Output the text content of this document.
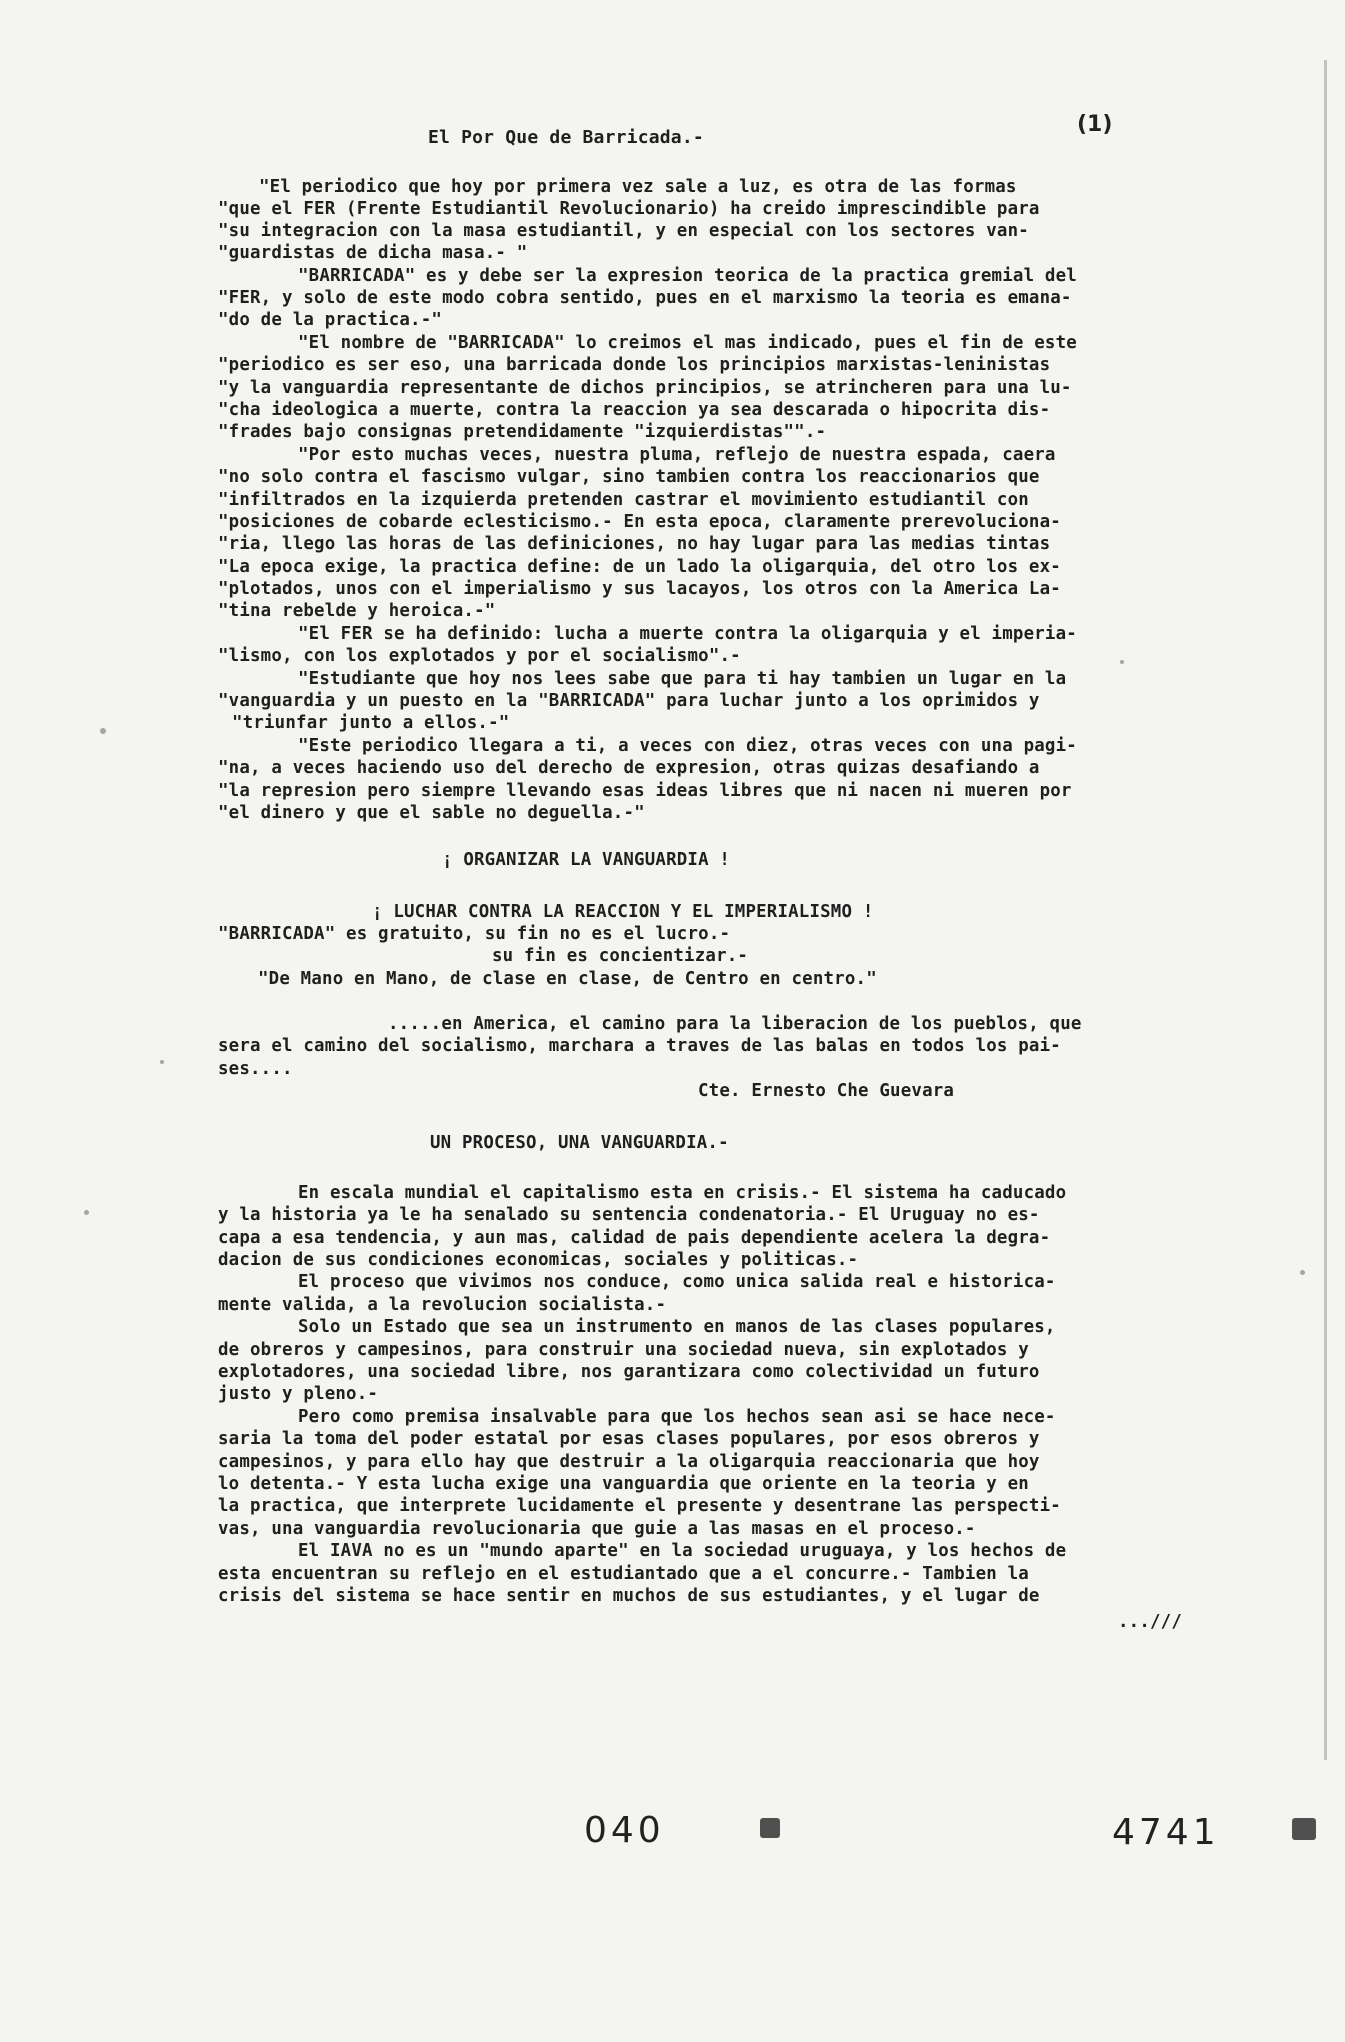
(1)
El Por Que de Barricada.-
"El periodico que hoy por primera vez sale a luz, es otra de las formas
"que el FER (Frente Estudiantil Revolucionario) ha creido imprescindible para
"su integracion con la masa estudiantil, y en especial con los sectores van-
"guardistas de dicha masa.- "
"BARRICADA" es y debe ser la expresion teorica de la practica gremial del
"FER, y solo de este modo cobra sentido, pues en el marxismo la teoria es emana-
"do de la practica.-"
"El nombre de "BARRICADA" lo creimos el mas indicado, pues el fin de este
"periodico es ser eso, una barricada donde los principios marxistas-leninistas
"y la vanguardia representante de dichos principios, se atrincheren para una lu-
"cha ideologica a muerte, contra la reaccion ya sea descarada o hipocrita dis-
"frades bajo consignas pretendidamente "izquierdistas"".-
"Por esto muchas veces, nuestra pluma, reflejo de nuestra espada, caera
"no solo contra el fascismo vulgar, sino tambien contra los reaccionarios que
"infiltrados en la izquierda pretenden castrar el movimiento estudiantil con
"posiciones de cobarde eclesticismo.- En esta epoca, claramente prerevoluciona-
"ria, llego las horas de las definiciones, no hay lugar para las medias tintas
"La epoca exige, la practica define: de un lado la oligarquia, del otro los ex-
"plotados, unos con el imperialismo y sus lacayos, los otros con la America La-
"tina rebelde y heroica.-"
"El FER se ha definido: lucha a muerte contra la oligarquia y el imperia-
"lismo, con los explotados y por el socialismo".-
"Estudiante que hoy nos lees sabe que para ti hay tambien un lugar en la
"vanguardia y un puesto en la "BARRICADA" para luchar junto a los oprimidos y
"triunfar junto a ellos.-"
"Este periodico llegara a ti, a veces con diez, otras veces con una pagi-
"na, a veces haciendo uso del derecho de expresion, otras quizas desafiando a
"la represion pero siempre llevando esas ideas libres que ni nacen ni mueren por
"el dinero y que el sable no deguella.-"
¡ ORGANIZAR LA VANGUARDIA !
¡ LUCHAR CONTRA LA REACCION Y EL IMPERIALISMO !
"BARRICADA" es gratuito, su fin no es el lucro.-
su fin es concientizar.-
"De Mano en Mano, de clase en clase, de Centro en centro."
.....en America, el camino para la liberacion de los pueblos, que
sera el camino del socialismo, marchara a traves de las balas en todos los pai-
ses....
Cte. Ernesto Che Guevara
UN PROCESO, UNA VANGUARDIA.-
En escala mundial el capitalismo esta en crisis.- El sistema ha caducado
y la historia ya le ha senalado su sentencia condenatoria.- El Uruguay no es-
capa a esa tendencia, y aun mas, calidad de pais dependiente acelera la degra-
dacion de sus condiciones economicas, sociales y politicas.-
El proceso que vivimos nos conduce, como unica salida real e historica-
mente valida, a la revolucion socialista.-
Solo un Estado que sea un instrumento en manos de las clases populares,
de obreros y campesinos, para construir una sociedad nueva, sin explotados y
explotadores, una sociedad libre, nos garantizara como colectividad un futuro
justo y pleno.-
Pero como premisa insalvable para que los hechos sean asi se hace nece-
saria la toma del poder estatal por esas clases populares, por esos obreros y
campesinos, y para ello hay que destruir a la oligarquia reaccionaria que hoy
lo detenta.- Y esta lucha exige una vanguardia que oriente en la teoria y en
la practica, que interprete lucidamente el presente y desentrane las perspecti-
vas, una vanguardia revolucionaria que guie a las masas en el proceso.-
El IAVA no es un "mundo aparte" en la sociedad uruguaya, y los hechos de
esta encuentran su reflejo en el estudiantado que a el concurre.- Tambien la
crisis del sistema se hace sentir en muchos de sus estudiantes, y el lugar de
...///
040	4741
